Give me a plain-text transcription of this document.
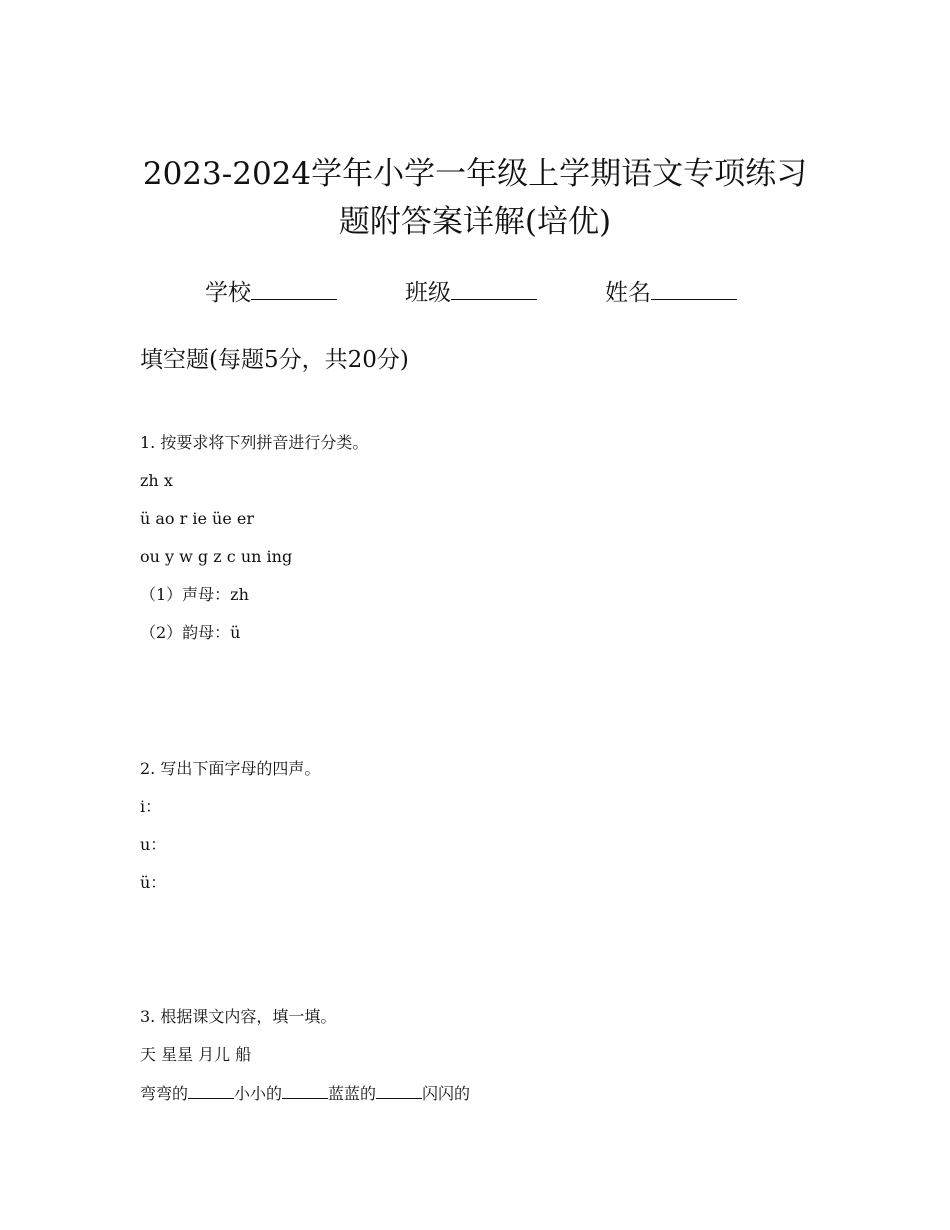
2023-2024学年小学一年级上学期语文专项练习
题附答案详解(培优)
学校	班级	姓名
填空题(每题5分，共20分)
1. 按要求将下列拼音进行分类。
zh x
ü ao r ie üe er
ou y w g z c un ing
（1）声母：zh
（2）韵母：ü
2. 写出下面字母的四声。
i：
u：
ü：
3. 根据课文内容，填一填。
天 星星 月儿 船
弯弯的	小小的	蓝蓝的	闪闪的
